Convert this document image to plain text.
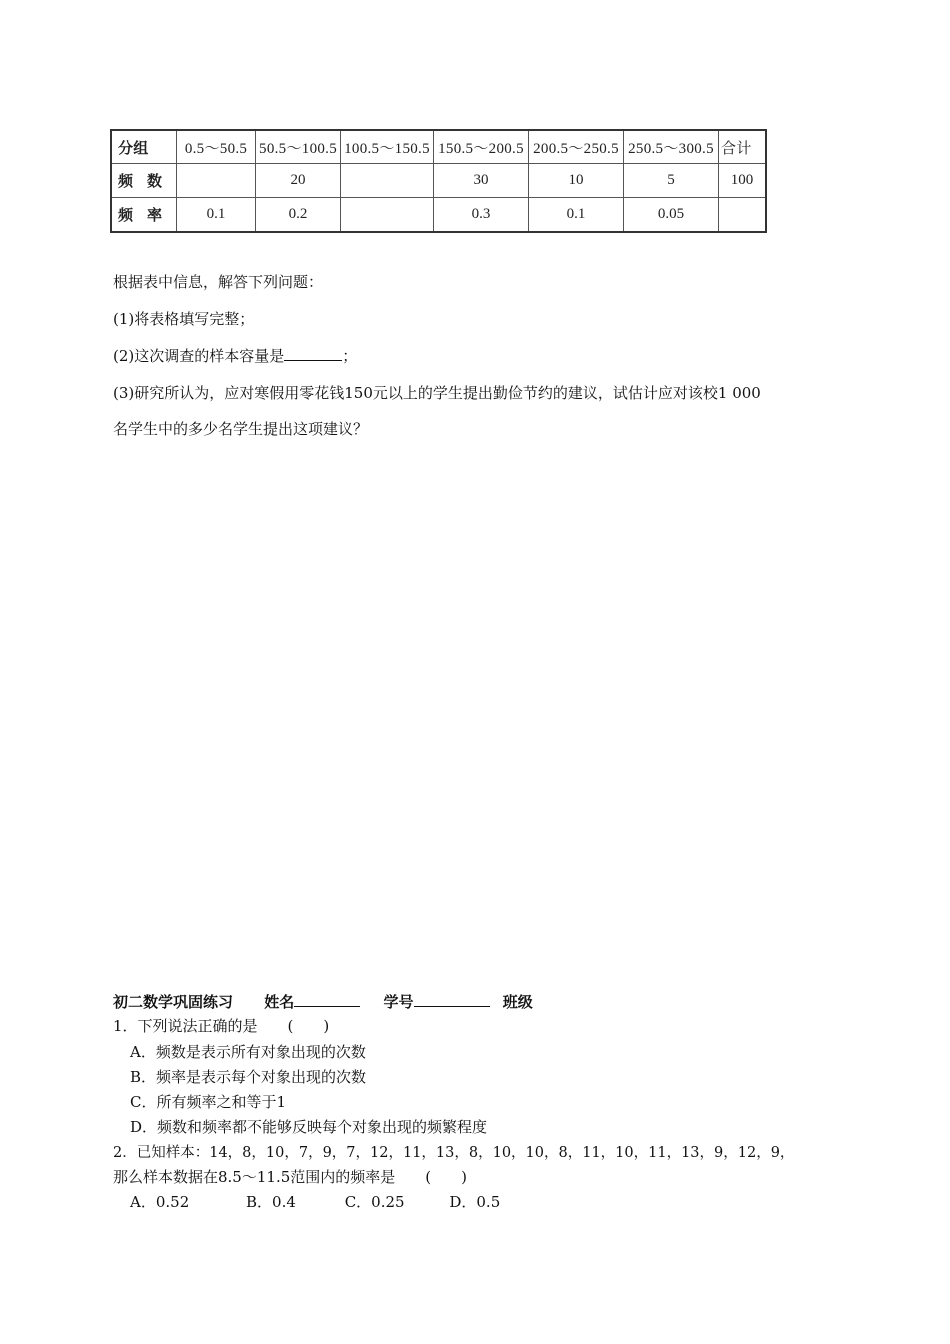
分组	0.5～50.5	50.5～100.5	100.5～150.5	150.5～200.5	200.5～250.5	250.5～300.5	合计
频数		20		30	10	5	100
频率	0.1	0.2		0.3	0.1	0.05	
根据表中信息，解答下列问题：
(1)将表格填写完整；
(2)这次调查的样本容量是	；
(3)研究所认为，应对寒假用零花钱150元以上的学生提出勤俭节约的建议，试估计应对该校1 000
名学生中的多少名学生提出这项建议？
初二数学巩固练习 姓名	学号	班级
1．下列说法正确的是　　(　　)
A．频数是表示所有对象出现的次数
B．频率是表示每个对象出现的次数
C．所有频率之和等于1
D．频数和频率都不能够反映每个对象出现的频繁程度
2．已知样本：14，8，10，7，9，7，12，11，13，8，10，10，8，11，10，11，13，9，12，9，
那么样本数据在8.5～11.5范围内的频率是　　(　　)
A．0.52	B．0.4	C．0.25	D．0.5
